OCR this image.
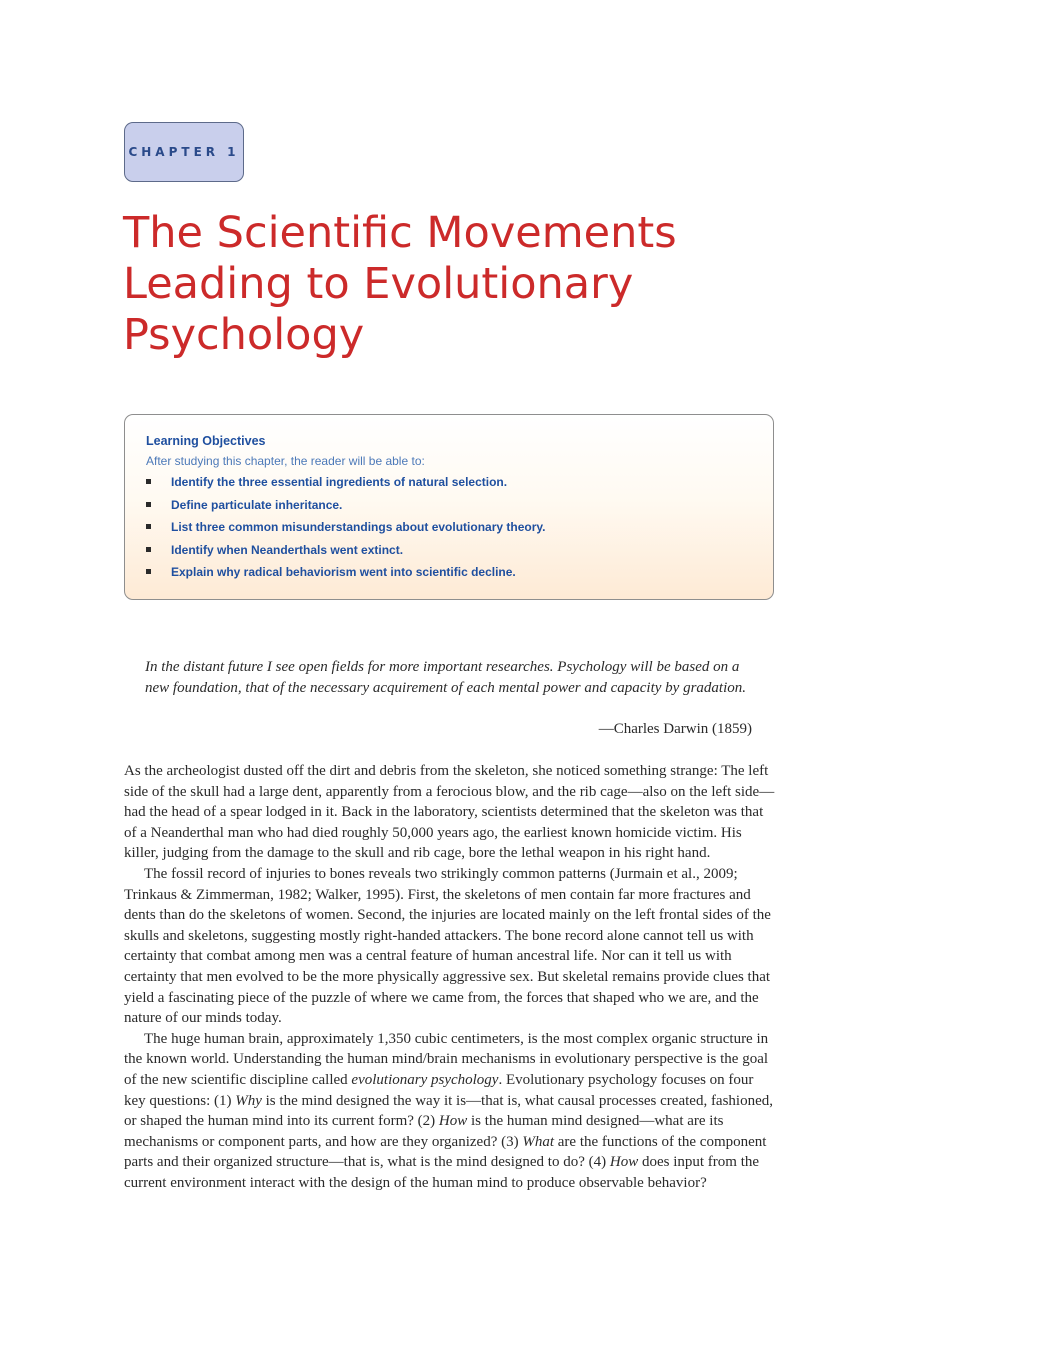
CHAPTER 1
The Scientific Movements
Leading to Evolutionary
Psychology
Learning Objectives
After studying this chapter, the reader will be able to:
Identify the three essential ingredients of natural selection.
Define particulate inheritance.
List three common misunderstandings about evolutionary theory.
Identify when Neanderthals went extinct.
Explain why radical behaviorism went into scientific decline.

In the distant future I see open fields for more important researches. Psychology will be based on a new foundation, that of the necessary acquirement of each mental power and capacity by gradation.

—Charles Darwin (1859)

As the archeologist dusted off the dirt and debris from the skeleton, she noticed something strange: The left side of the skull had a large dent, apparently from a ferocious blow, and the rib cage—also on the left side—had the head of a spear lodged in it. Back in the laboratory, scientists determined that the skeleton was that of a Neanderthal man who had died roughly 50,000 years ago, the earliest known homicide victim. His killer, judging from the damage to the skull and rib cage, bore the lethal weapon in his right hand.

The fossil record of injuries to bones reveals two strikingly common patterns (Jurmain et al., 2009; Trinkaus & Zimmerman, 1982; Walker, 1995). First, the skeletons of men contain far more fractures and dents than do the skeletons of women. Second, the injuries are located mainly on the left frontal sides of the skulls and skeletons, suggesting mostly right-handed attackers. The bone record alone cannot tell us with certainty that combat among men was a central feature of human ancestral life. Nor can it tell us with certainty that men evolved to be the more physically aggressive sex. But skeletal remains provide clues that yield a fascinating piece of the puzzle of where we came from, the forces that shaped who we are, and the nature of our minds today.

The huge human brain, approximately 1,350 cubic centimeters, is the most complex organic structure in the known world. Understanding the human mind/brain mechanisms in evolutionary perspective is the goal of the new scientific discipline called evolutionary psychology. Evolutionary psychology focuses on four key questions: (1) Why is the mind designed the way it is—that is, what causal processes created, fashioned, or shaped the human mind into its current form? (2) How is the human mind designed—what are its mechanisms or component parts, and how are they organized? (3) What are the functions of the component parts and their organized structure—that is, what is the mind designed to do? (4) How does input from the current environment interact with the design of the human mind to produce observable behavior?
